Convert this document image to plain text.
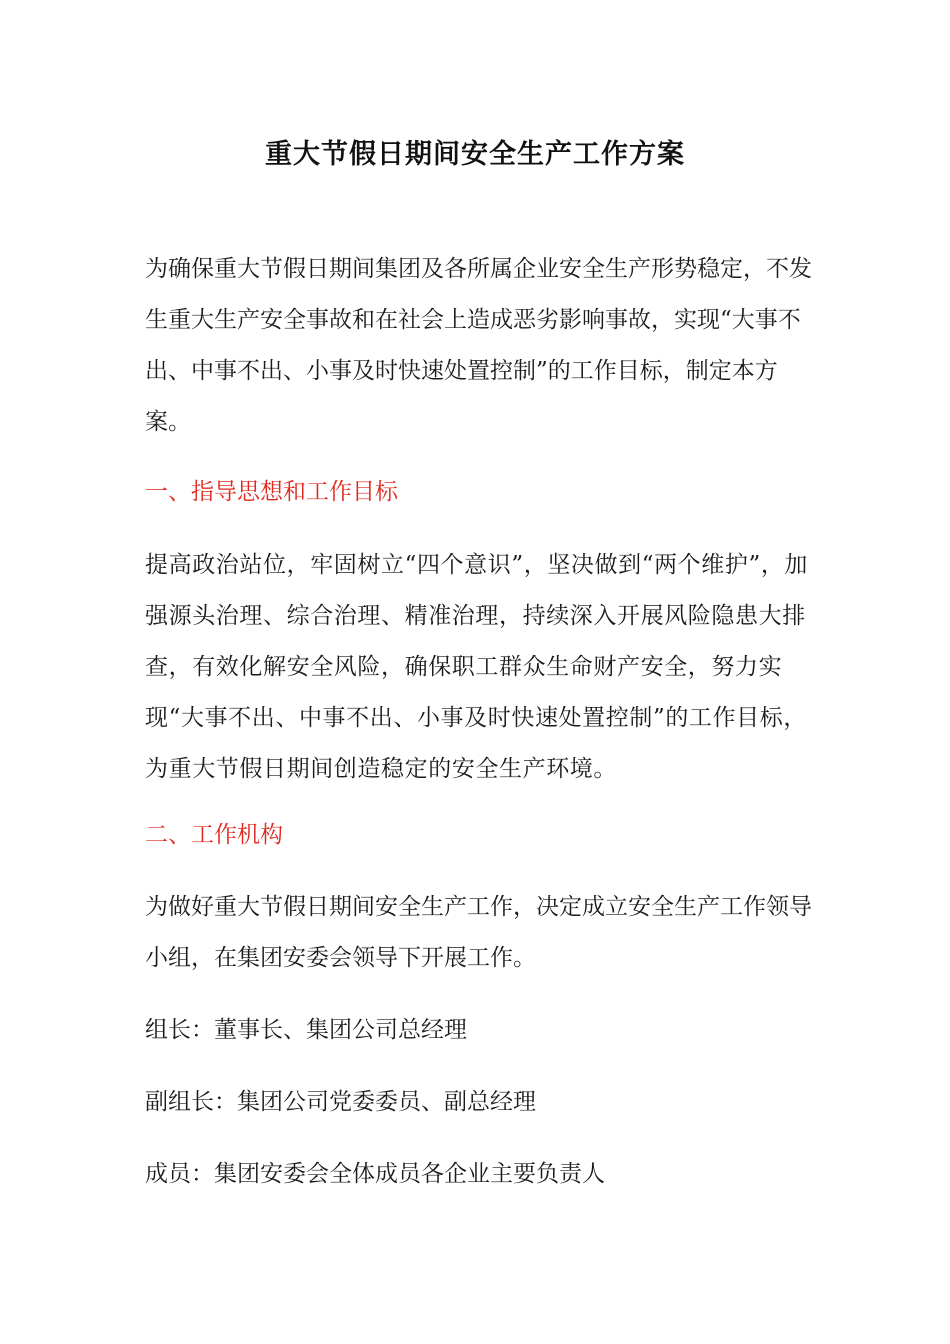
重大节假日期间安全生产工作方案

为确保重大节假日期间集团及各所属企业安全生产形势稳定，不发生重大生产安全事故和在社会上造成恶劣影响事故，实现“大事不出、中事不出、小事及时快速处置控制”的工作目标，制定本方案。

一、指导思想和工作目标

提高政治站位，牢固树立“四个意识”，坚决做到“两个维护”，加强源头治理、综合治理、精准治理，持续深入开展风险隐患大排查，有效化解安全风险，确保职工群众生命财产安全，努力实现“大事不出、中事不出、小事及时快速处置控制”的工作目标，为重大节假日期间创造稳定的安全生产环境。

二、工作机构

为做好重大节假日期间安全生产工作，决定成立安全生产工作领导小组，在集团安委会领导下开展工作。

组长：董事长、集团公司总经理

副组长：集团公司党委委员、副总经理

成员：集团安委会全体成员各企业主要负责人
